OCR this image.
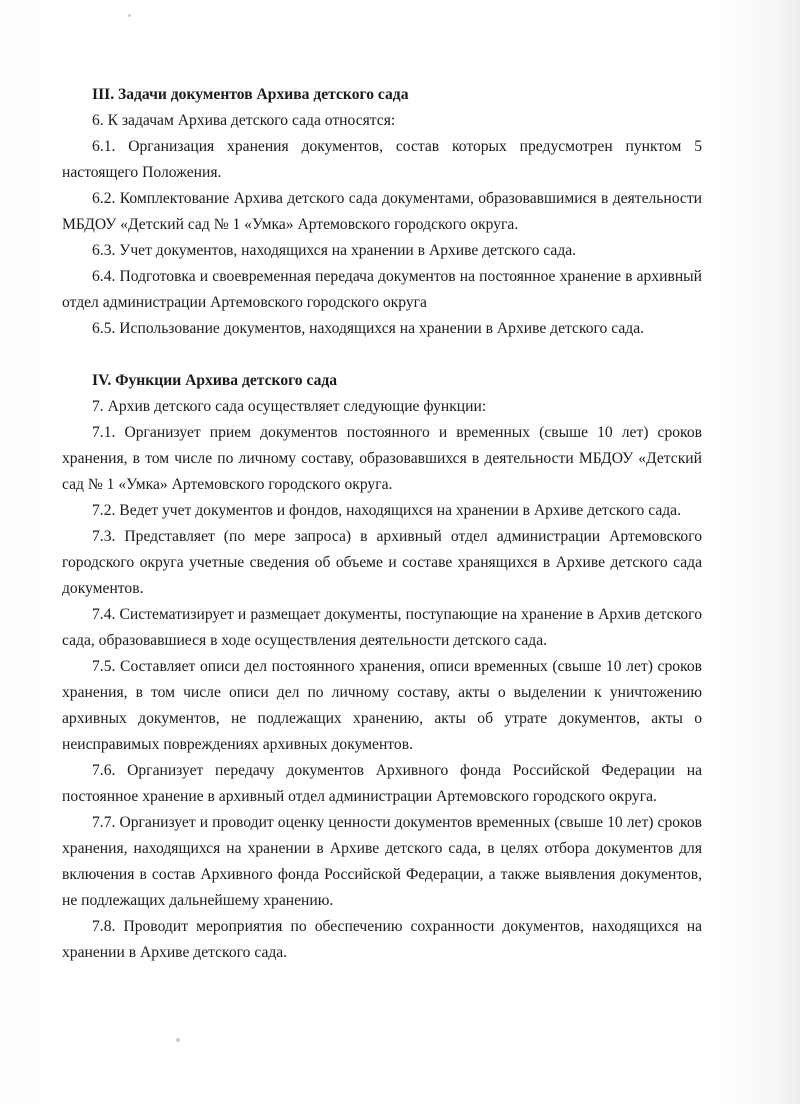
III. Задачи документов Архива детского сада

6. К задачам Архива детского сада относятся:

6.1. Организация хранения документов, состав которых предусмотрен пунктом 5 настоящего Положения.

6.2. Комплектование Архива детского сада документами, образовавшимися в деятельности МБДОУ «Детский сад № 1 «Умка» Артемовского городского округа.

6.3. Учет документов, находящихся на хранении в Архиве детского сада.

6.4. Подготовка и своевременная передача документов на постоянное хранение в архивный отдел администрации Артемовского городского округа

6.5. Использование документов, находящихся на хранении в Архиве детского сада.

IV. Функции Архива детского сада

7. Архив детского сада осуществляет следующие функции:

7.1. Организует прием документов постоянного и временных (свыше 10 лет) сроков хранения, в том числе по личному составу, образовавшихся в деятельности МБДОУ «Детский сад № 1 «Умка» Артемовского городского округа.

7.2. Ведет учет документов и фондов, находящихся на хранении в Архиве детского сада.

7.3. Представляет (по мере запроса) в архивный отдел администрации Артемовского городского округа учетные сведения об объеме и составе хранящихся в Архиве детского сада документов.

7.4. Систематизирует и размещает документы, поступающие на хранение в Архив детского сада, образовавшиеся в ходе осуществления деятельности детского сада.

7.5. Составляет описи дел постоянного хранения, описи временных (свыше 10 лет) сроков хранения, в том числе описи дел по личному составу, акты о выделении к уничтожению архивных документов, не подлежащих хранению, акты об утрате документов, акты о неисправимых повреждениях архивных документов.

7.6. Организует передачу документов Архивного фонда Российской Федерации на постоянное хранение в архивный отдел администрации Артемовского городского округа.

7.7. Организует и проводит оценку ценности документов временных (свыше 10 лет) сроков хранения, находящихся на хранении в Архиве детского сада, в целях отбора документов для включения в состав Архивного фонда Российской Федерации, а также выявления документов, не подлежащих дальнейшему хранению.

7.8. Проводит мероприятия по обеспечению сохранности документов, находящихся на хранении в Архиве детского сада.
